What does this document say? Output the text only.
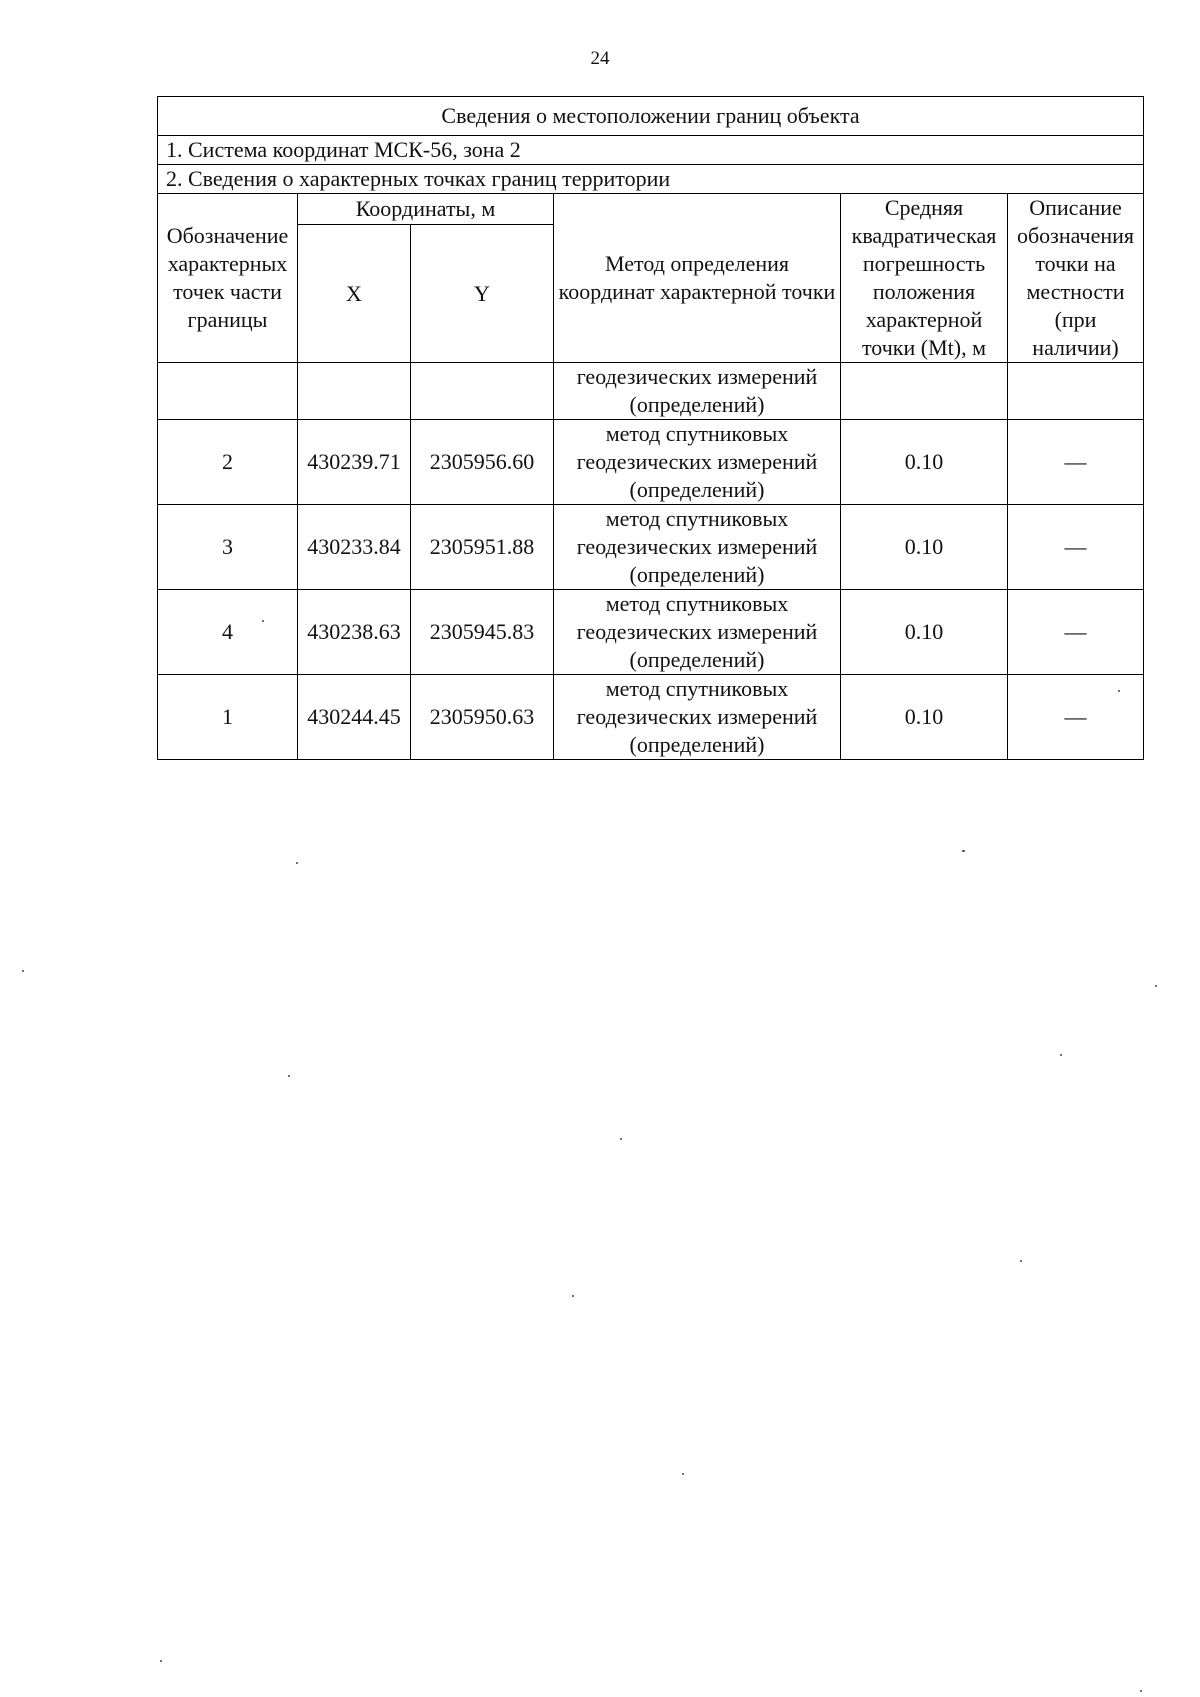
24
Сведения о местоположении границ объекта					
1. Система координат МСК-56, зона 2					
2. Сведения о характерных точках границ территории					
Обозначение характерных точек части границы	Координаты, м		Метод определения координат характерной точки	Средняя квадратическая погрешность положения характерной точки (Mt), м	Описание обозначения точки на местности (при наличии)
	X	Y			
			геодезических измерений (определений)		
2	430239.71	2305956.60	метод спутниковых
геодезических измерений
(определений)	0.10	—
3	430233.84	2305951.88	метод спутниковых
геодезических измерений
(определений)	0.10	—
4	430238.63	2305945.83	метод спутниковых
геодезических измерений
(определений)	0.10	—
1	430244.45	2305950.63	метод спутниковых
геодезических измерений
(определений)	0.10	—
